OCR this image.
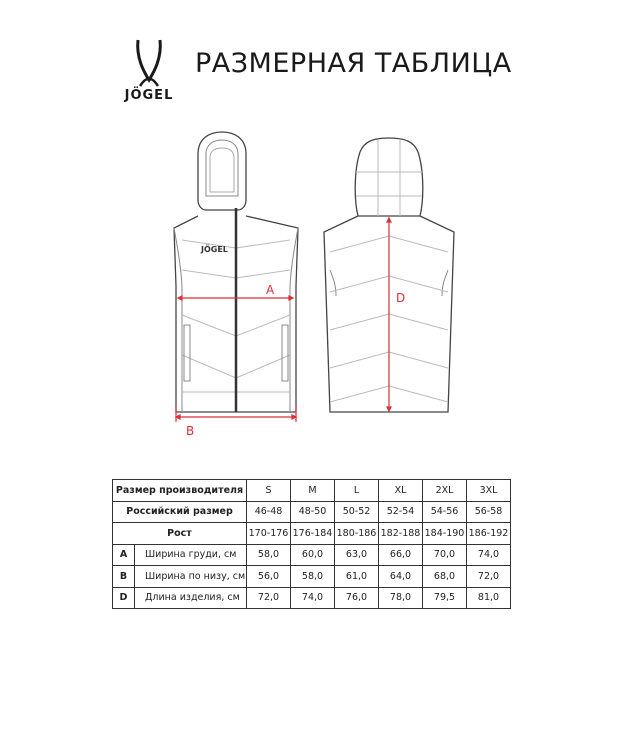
JÖGEL
РАЗМЕРНАЯ ТАБЛИЦА
JÖGEL
A
B
D
Размер производителя		S	M	L	XL	2XL	3XL
Российский размер		46-48	48-50	50-52	52-54	54-56	56-58
Рост		170-176	176-184	180-186	182-188	184-190	186-192
A	Ширина груди, см	58,0	60,0	63,0	66,0	70,0	74,0
B	Ширина по низу, см	56,0	58,0	61,0	64,0	68,0	72,0
D	Длина изделия, см	72,0	74,0	76,0	78,0	79,5	81,0
